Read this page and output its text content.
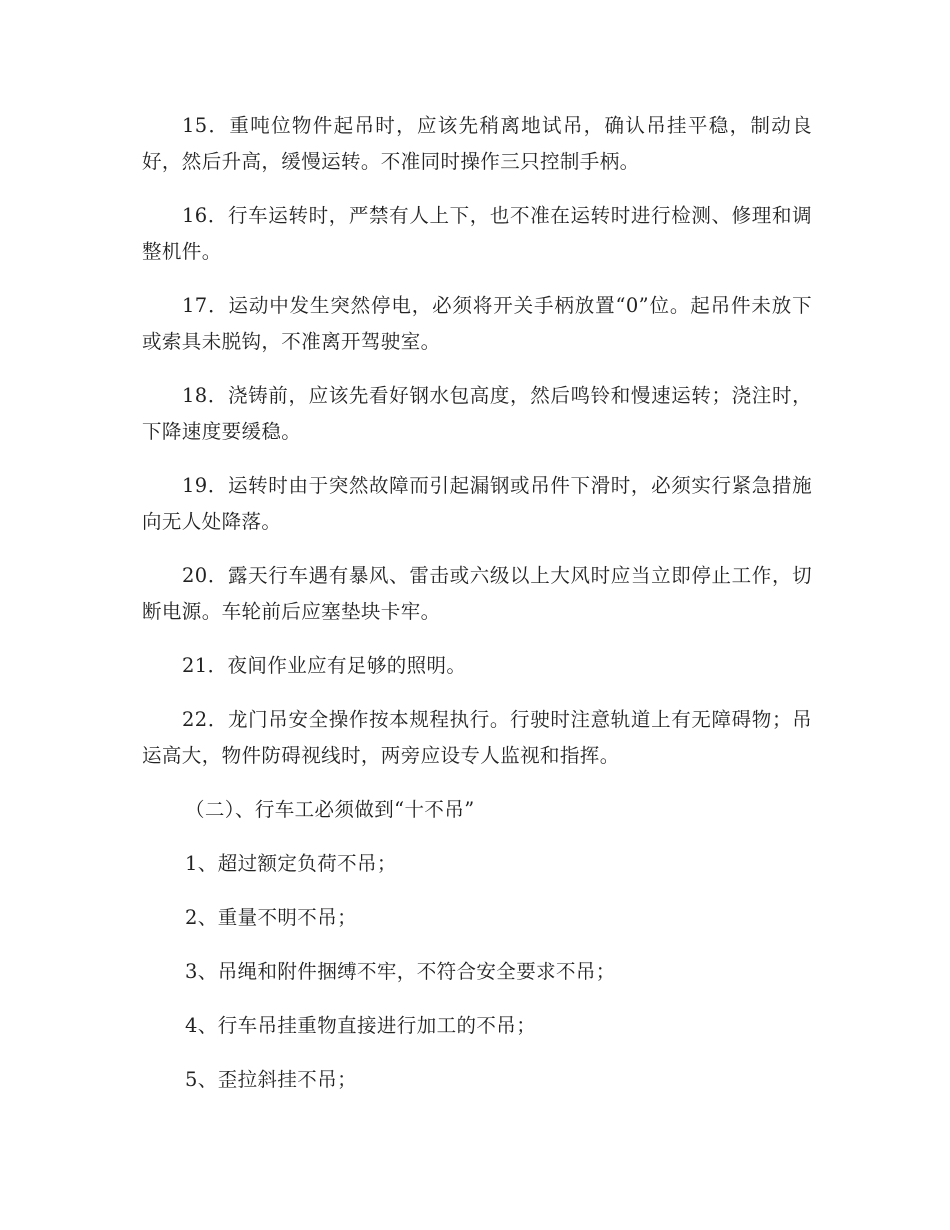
15．重吨位物件起吊时，应该先稍离地试吊，确认吊挂平稳，制动良好，然后升高，缓慢运转。不准同时操作三只控制手柄。

16．行车运转时，严禁有人上下，也不准在运转时进行检测、修理和调整机件。

17．运动中发生突然停电，必须将开关手柄放置“0”位。起吊件未放下或索具未脱钩，不准离开驾驶室。

18．浇铸前，应该先看好钢水包高度，然后鸣铃和慢速运转；浇注时，下降速度要缓稳。

19．运转时由于突然故障而引起漏钢或吊件下滑时，必须实行紧急措施向无人处降落。

20．露天行车遇有暴风、雷击或六级以上大风时应当立即停止工作，切断电源。车轮前后应塞垫块卡牢。

21．夜间作业应有足够的照明。

22．龙门吊安全操作按本规程执行。行驶时注意轨道上有无障碍物；吊运高大，物件防碍视线时，两旁应设专人监视和指挥。

（二）、行车工必须做到“十不吊”

1、超过额定负荷不吊；

2、重量不明不吊；

3、吊绳和附件捆缚不牢，不符合安全要求不吊；

4、行车吊挂重物直接进行加工的不吊；

5、歪拉斜挂不吊；
